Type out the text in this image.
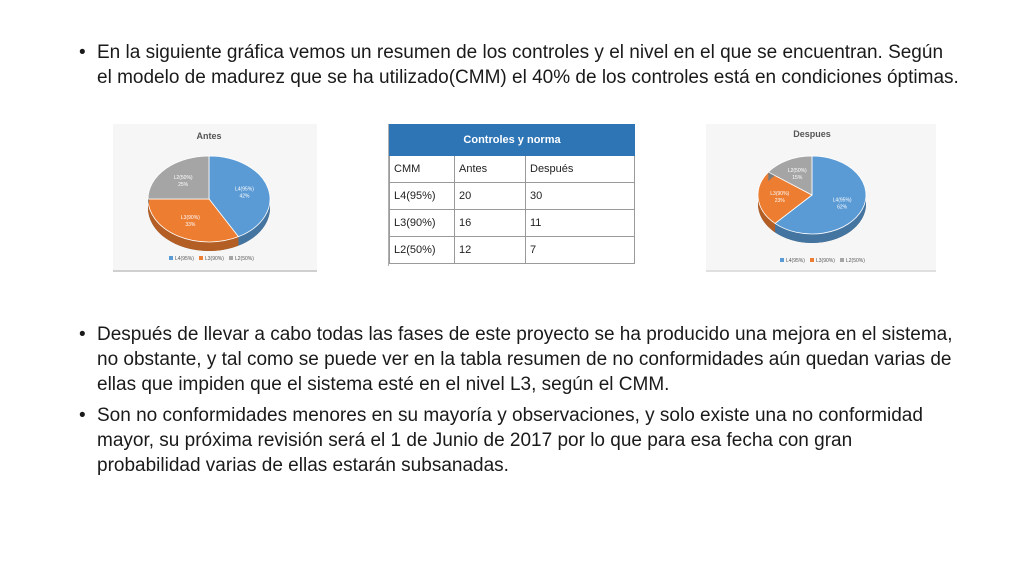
• En la siguiente gráfica vemos un resumen de los controles y el nivel en el que se encuentran. Según el modelo de madurez que se ha utilizado(CMM) el 40% de los controles está en condiciones óptimas.
Antes
L4(95%)
42%
L3(90%)
33%
L2(50%)
25%
L4(95%) L3(90%) L2(50%)
Controles y norma		
CMM	Antes	Después
L4(95%)	20	30
L3(90%)	16	11
L2(50%)	12	7
Despues
L4(95%)
62%
L3(90%)
23%
L2(50%)
15%
L4(95%) L3(90%) L2(50%)
• Después de llevar a cabo todas las fases de este proyecto se ha producido una mejora en el sistema, no obstante, y tal como se puede ver en la tabla resumen de no conformidades aún quedan varias de ellas que impiden que el sistema esté en el nivel L3, según el CMM.
• Son no conformidades menores en su mayoría y observaciones, y solo existe una no conformidad mayor, su próxima revisión será el 1 de Junio de 2017 por lo que para esa fecha con gran probabilidad varias de ellas estarán subsanadas.
